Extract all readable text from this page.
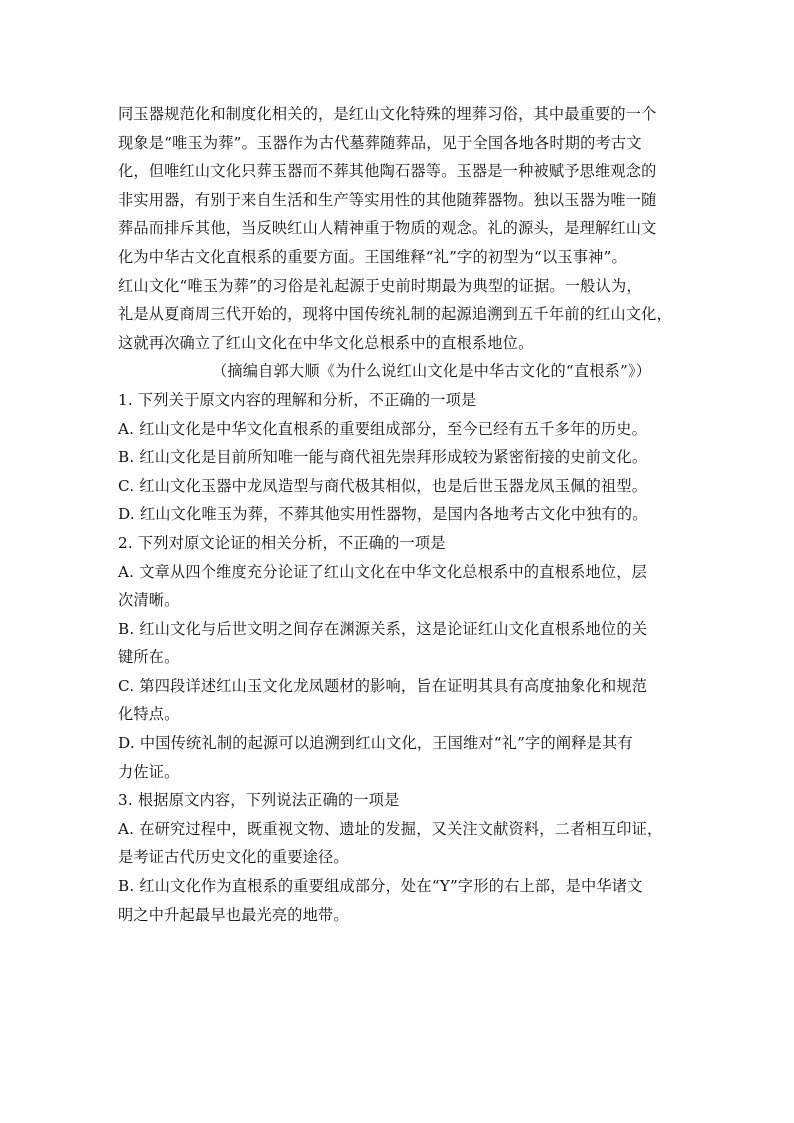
同玉器规范化和制度化相关的，是红山文化特殊的埋葬习俗，其中最重要的一个

现象是“唯玉为葬”。玉器作为古代墓葬随葬品，见于全国各地各时期的考古文

化，但唯红山文化只葬玉器而不葬其他陶石器等。玉器是一种被赋予思维观念的

非实用器，有别于来自生活和生产等实用性的其他随葬器物。独以玉器为唯一随

葬品而排斥其他，当反映红山人精神重于物质的观念。礼的源头，是理解红山文

化为中华古文化直根系的重要方面。王国维释“礼”字的初型为“以玉事神”。

红山文化“唯玉为葬”的习俗是礼起源于史前时期最为典型的证据。一般认为，

礼是从夏商周三代开始的，现将中国传统礼制的起源追溯到五千年前的红山文化，

这就再次确立了红山文化在中华文化总根系中的直根系地位。

（摘编自郭大顺《为什么说红山文化是中华古文化的“直根系”》）

1. 下列关于原文内容的理解和分析，不正确的一项是

A. 红山文化是中华文化直根系的重要组成部分，至今已经有五千多年的历史。
B. 红山文化是目前所知唯一能与商代祖先崇拜形成较为紧密衔接的史前文化。
C. 红山文化玉器中龙凤造型与商代极其相似，也是后世玉器龙凤玉佩的祖型。
D. 红山文化唯玉为葬，不葬其他实用性器物，是国内各地考古文化中独有的。

2. 下列对原文论证的相关分析，不正确的一项是

A. 文章从四个维度充分论证了红山文化在中华文化总根系中的直根系地位，层
次清晰。
B. 红山文化与后世文明之间存在渊源关系，这是论证红山文化直根系地位的关
键所在。
C. 第四段详述红山玉文化龙凤题材的影响，旨在证明其具有高度抽象化和规范
化特点。
D. 中国传统礼制的起源可以追溯到红山文化，王国维对“礼”字的阐释是其有
力佐证。

3. 根据原文内容，下列说法正确的一项是

A. 在研究过程中，既重视文物、遗址的发掘，又关注文献资料，二者相互印证，
是考证古代历史文化的重要途径。
B. 红山文化作为直根系的重要组成部分，处在“Y”字形的右上部，是中华诸文
明之中升起最早也最光亮的地带。
